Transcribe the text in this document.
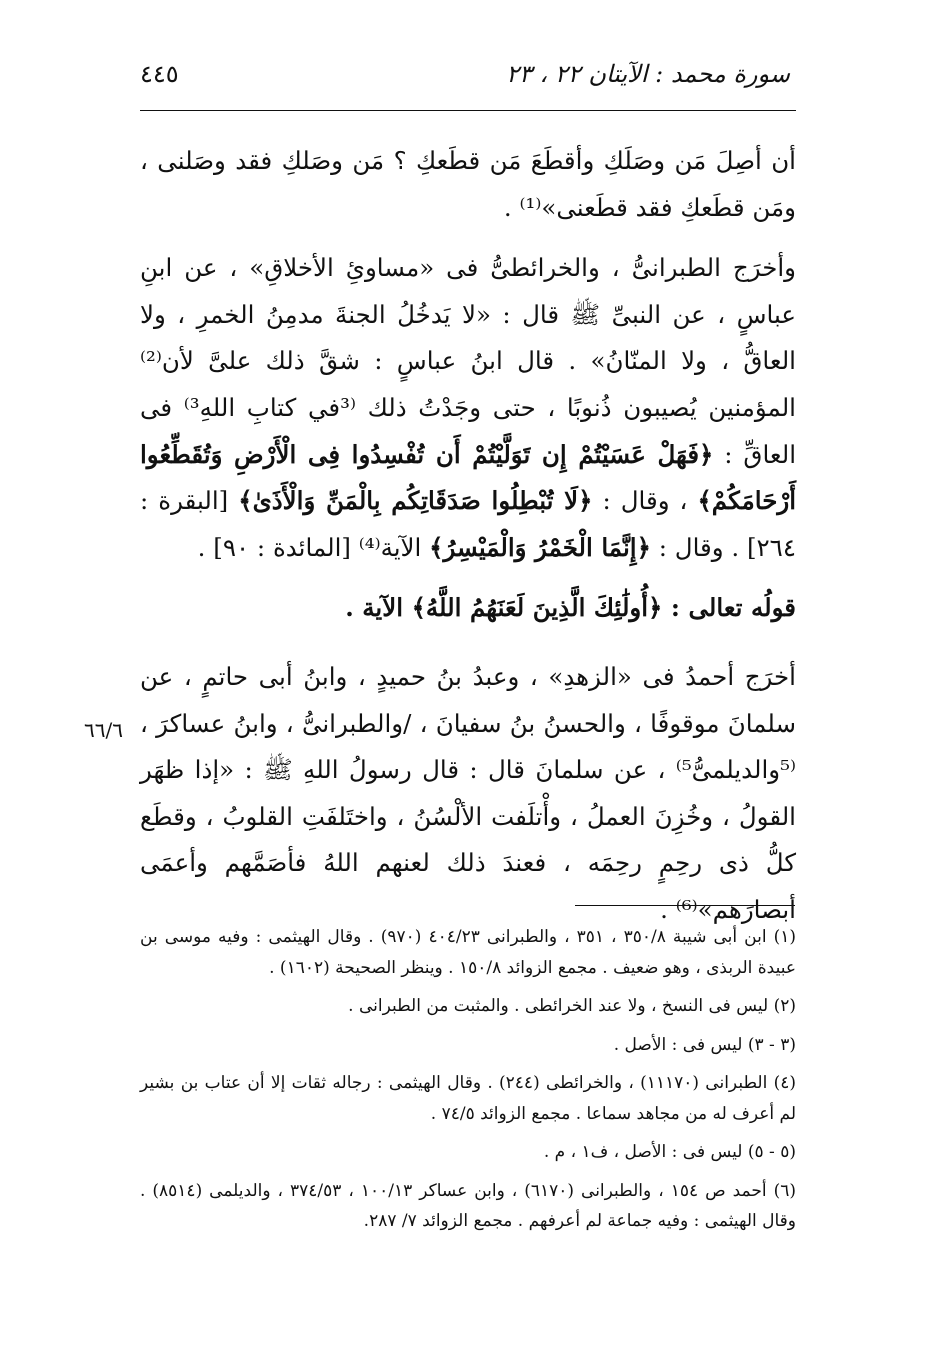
سورة محمد : الآيتان ٢٢ ، ٢٣
٤٤٥

أن أصِلَ مَن وصَلَكِ وأقطَعَ مَن قطَعكِ ؟ مَن وصَلكِ فقد وصَلنى ، ومَن قطَعكِ فقد قطَعنى»⁽¹⁾ .

وأخرَج الطبرانىُّ ، والخرائطىُّ فى «مساوئِ الأخلاقِ» ، عن ابنِ عباسٍ ، عن النبىِّ ﷺ قال : «لا يَدخُلُ الجنةَ مدمِنُ الخمرِ ، ولا العاقُّ ، ولا المنّانُ» . قال ابنُ عباسٍ : شقَّ ذلك علىَّ لأن⁽²⁾ المؤمنين يُصيبون ذُنوبًا ، حتى وجَدْتُ ذلك ⁽³في كتابِ اللهِ³⁾ فى العاقِّ : ﴿فَهَلْ عَسَيْتُمْ إِن تَوَلَّيْتُمْ أَن تُفْسِدُوا فِى الْأَرْضِ وَتُقَطِّعُوا أَرْحَامَكُمْ﴾ ، وقال : ﴿لَا تُبْطِلُوا صَدَقَاتِكُم بِالْمَنِّ وَالْأَذَىٰ﴾ [البقرة : ٢٦٤] . وقال : ﴿إِنَّمَا الْخَمْرُ وَالْمَيْسِرُ﴾ الآية⁽⁴⁾ [المائدة : ٩٠] .

قولُه تعالى : ﴿أُولَٰئِكَ الَّذِينَ لَعَنَهُمُ اللَّهُ﴾ الآية .

أخرَج أحمدُ فى «الزهدِ» ، وعبدُ بنُ حميدٍ ، وابنُ أبى حاتمٍ ، عن سلمانَ موقوفًا ، والحسنُ بنُ سفيانَ ، /والطبرانىُّ ، وابنُ عساكرَ ، ⁽⁵والديلمىُّ⁵⁾ ، عن سلمانَ قال : قال رسولُ اللهِ ﷺ : «إذا ظهَر القولُ ، وخُزِنَ العملُ ، وأْتلَفت الألْسُنُ ، واختَلفَتِ القلوبُ ، وقطَع كلُّ ذى رحِمٍ رحِمَه ، فعندَ ذلك لعنهم اللهُ فأصَمَّهم وأعمَى أبصارَهم»⁽⁶⁾ .

٦٦/٦

(١) ابن أبى شيبة ٣٥٠/٨ ، ٣٥١ ، والطبرانى ٤٠٤/٢٣ (٩٧٠) . وقال الهيثمى : وفيه موسى بن عبيدة الربذى ، وهو ضعيف . مجمع الزوائد ١٥٠/٨ . وينظر الصحيحة (١٦٠٢) .

(٢) ليس فى النسخ ، ولا عند الخرائطى . والمثبت من الطبرانى .

(٣ - ٣) ليس فى : الأصل .

(٤) الطبرانى (١١١٧٠) ، والخرائطى (٢٤٤) . وقال الهيثمى : رجاله ثقات إلا أن عتاب بن بشير لم أعرف له من مجاهد سماعا . مجمع الزوائد ٧٤/٥ .

(٥ - ٥) ليس فى : الأصل ، ف١ ، م .

(٦) أحمد ص ١٥٤ ، والطبرانى (٦١٧٠) ، وابن عساكر ١٠٠/١٣ ، ٣٧٤/٥٣ ، والديلمى (٨٥١٤) . وقال الهيثمى : وفيه جماعة لم أعرفهم . مجمع الزوائد ٧/ ٢٨٧.
